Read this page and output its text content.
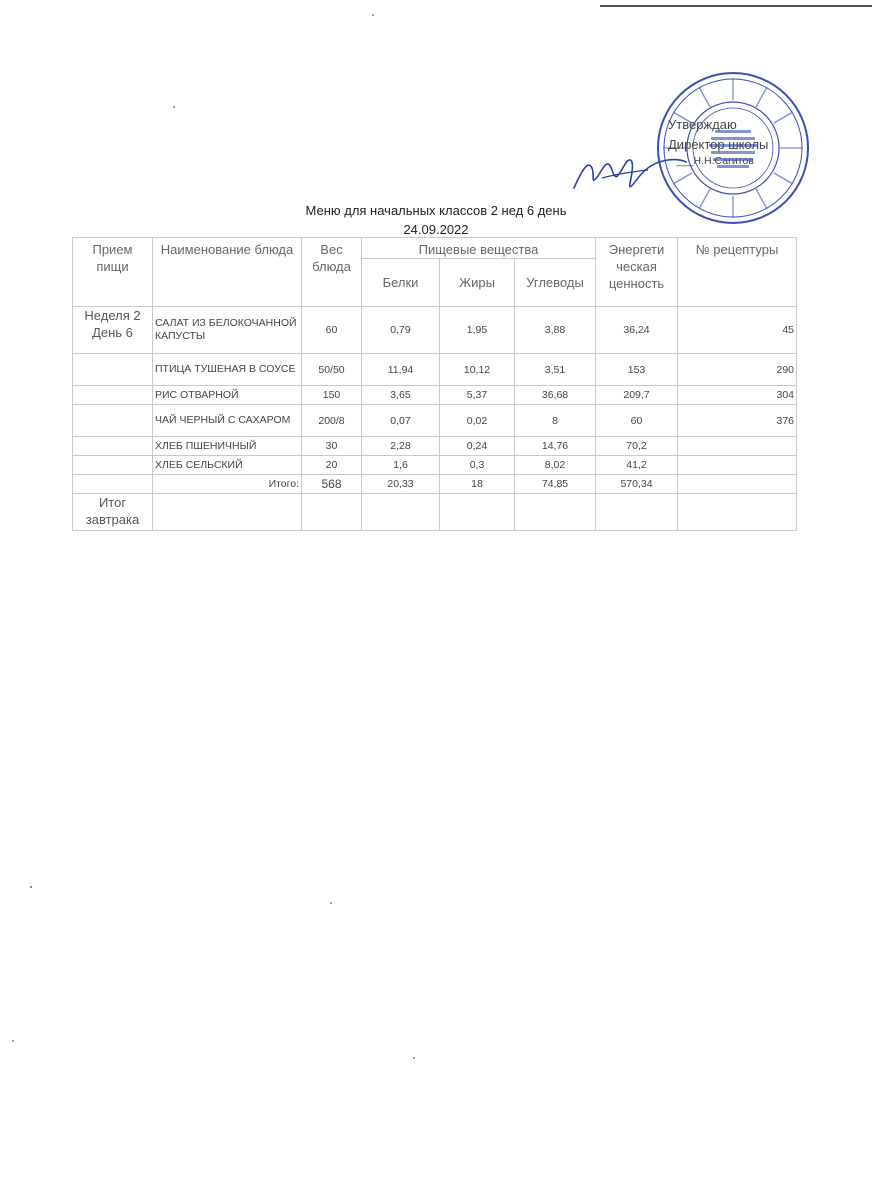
Утверждаю
Директор школы
___Н.Н.Сагитов
Меню для начальных классов 2 нед 6 день
24.09.2022
Прием пищи	Наименование блюда	Вес блюда	Пищевые вещества			Энергети ческая ценность	№ рецептуры
			Белки	Жиры	Углеводы		
Неделя 2 День 6	САЛАТ ИЗ БЕЛОКОЧАННОЙ КАПУСТЫ	60	0,79	1,95	3,88	36,24	45
	ПТИЦА ТУШЕНАЯ В СОУСЕ	50/50	11,94	10,12	3,51	153	290
	РИС ОТВАРНОЙ	150	3,65	5,37	36,68	209,7	304
	ЧАЙ ЧЕРНЫЙ С САХАРОМ	200/8	0,07	0,02	8	60	376
	ХЛЕБ ПШЕНИЧНЫЙ	30	2,28	0,24	14,76	70,2	
	ХЛЕБ СЕЛЬСКИЙ	20	1,6	0,3	8,02	41,2	
	Итого:	568	20,33	18	74,85	570,34	
Итог завтрака							
